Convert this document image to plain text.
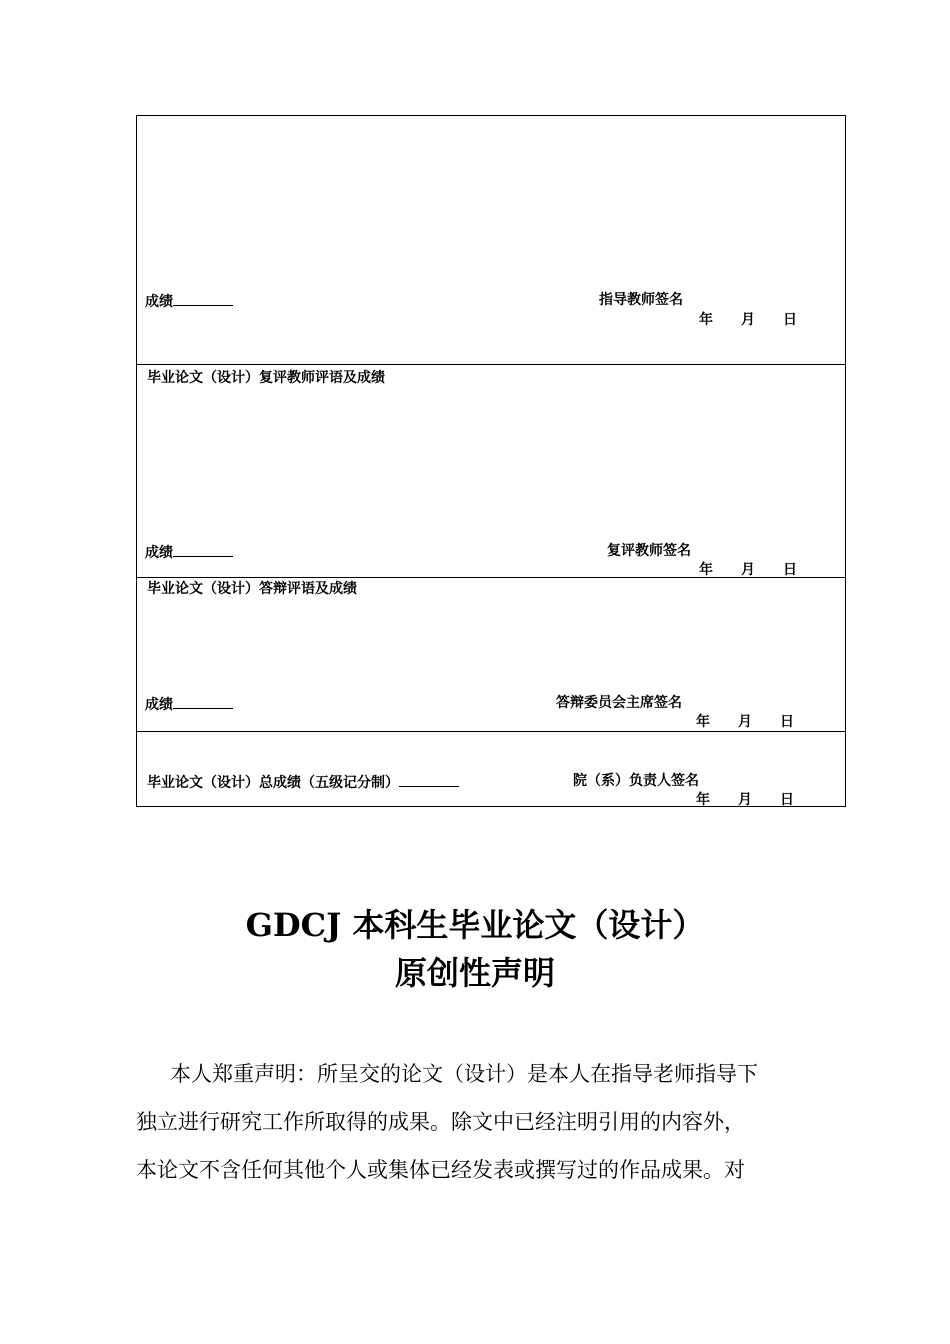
成绩	指导教师签名
年 月 日
毕业论文（设计）复评教师评语及成绩
成绩	复评教师签名
年 月 日
毕业论文（设计）答辩评语及成绩
成绩	答辩委员会主席签名
年 月 日
毕业论文（设计）总成绩（五级记分制）	院（系）负责人签名
年 月 日
GDCJ 本科生毕业论文（设计）
原创性声明
本人郑重声明：所呈交的论文（设计）是本人在指导老师指导下
独立进行研究工作所取得的成果。除文中已经注明引用的内容外，
本论文不含任何其他个人或集体已经发表或撰写过的作品成果。对
